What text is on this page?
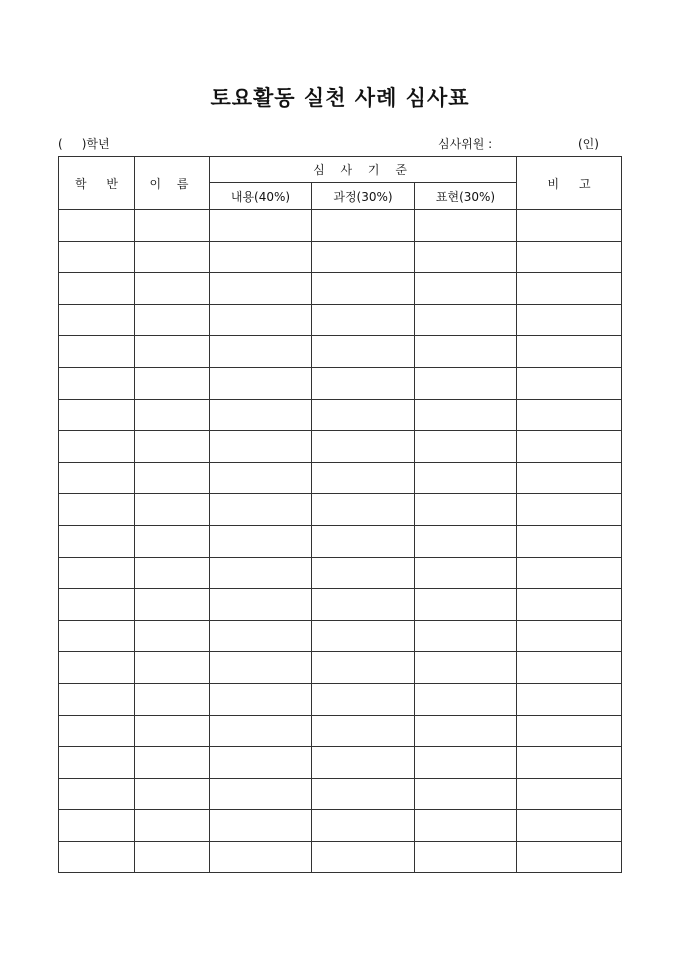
토요활동 실천 사례 심사표
(     )학년	심사위원 :	(인)
학 반	이 름	심 사 기 준			비 고
		내용(40%)	과정(30%)	표현(30%)	
